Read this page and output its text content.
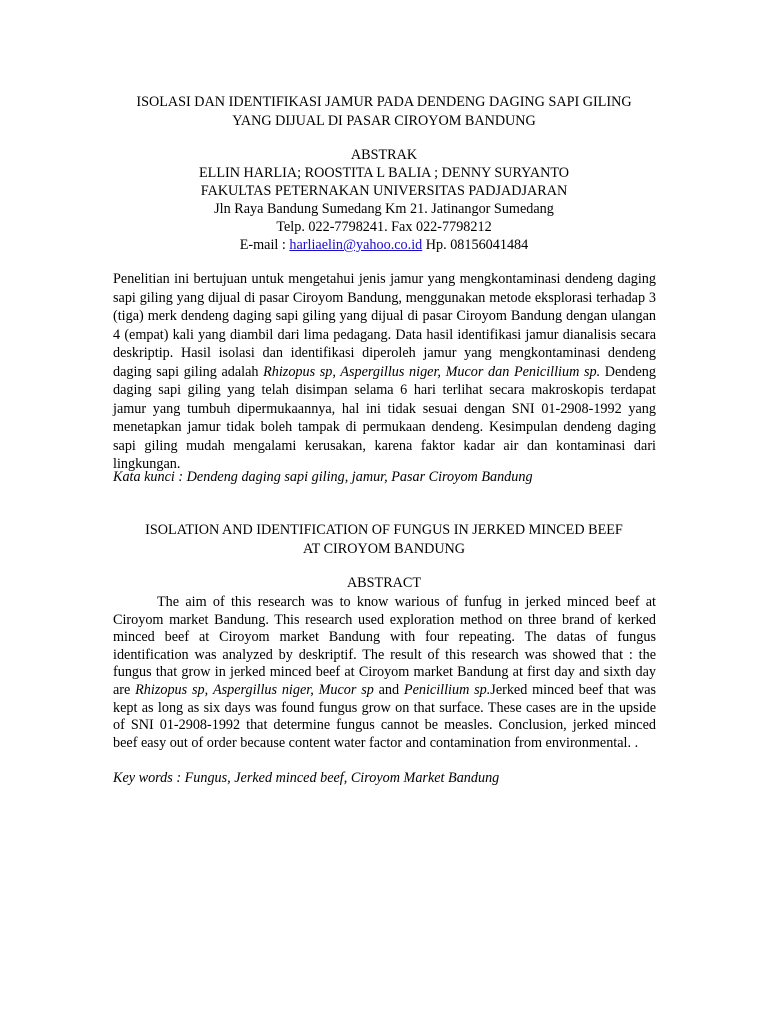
ISOLASI DAN IDENTIFIKASI JAMUR PADA DENDENG DAGING SAPI GILING
YANG DIJUAL DI PASAR CIROYOM BANDUNG
ABSTRAK
ELLIN HARLIA; ROOSTITA L BALIA ; DENNY SURYANTO
FAKULTAS PETERNAKAN UNIVERSITAS PADJADJARAN
Jln Raya Bandung Sumedang Km 21. Jatinangor Sumedang
Telp. 022-7798241. Fax 022-7798212
E-mail : harliaelin@yahoo.co.id Hp. 08156041484
Penelitian ini bertujuan untuk mengetahui jenis jamur yang mengkontaminasi dendeng daging sapi giling yang dijual di pasar Ciroyom Bandung, menggunakan metode eksplorasi terhadap 3 (tiga) merk dendeng daging sapi giling yang dijual di pasar Ciroyom Bandung dengan ulangan 4 (empat) kali yang diambil dari lima pedagang. Data hasil identifikasi jamur dianalisis secara deskriptip. Hasil isolasi dan identifikasi diperoleh jamur yang mengkontaminasi dendeng daging sapi giling adalah Rhizopus sp, Aspergillus niger, Mucor dan Penicillium sp. Dendeng daging sapi giling yang telah disimpan selama 6 hari terlihat secara makroskopis terdapat jamur yang tumbuh dipermukaannya, hal ini tidak sesuai dengan SNI 01-2908-1992 yang menetapkan jamur tidak boleh tampak di permukaan dendeng. Kesimpulan dendeng daging sapi giling mudah mengalami kerusakan, karena faktor kadar air dan kontaminasi dari lingkungan.
Kata kunci : Dendeng daging sapi giling, jamur, Pasar Ciroyom Bandung
ISOLATION AND IDENTIFICATION OF FUNGUS IN JERKED MINCED BEEF
AT CIROYOM BANDUNG
ABSTRACT
The aim of this research was to know warious of funfug in jerked minced beef at Ciroyom market Bandung. This research used exploration method on three brand of kerked minced beef at Ciroyom market Bandung with four repeating. The datas of fungus identification was analyzed by deskriptif. The result of this research was showed that : the fungus that grow in jerked minced beef at Ciroyom market Bandung at first day and sixth day are Rhizopus sp, Aspergillus niger, Mucor sp and Penicillium sp.Jerked minced beef that was kept as long as six days was found fungus grow on that surface. These cases are in the upside of SNI 01-2908-1992 that determine fungus cannot be measles. Conclusion, jerked minced beef easy out of order because content water factor and contamination from environmental. .
Key words : Fungus, Jerked minced beef, Ciroyom Market Bandung
